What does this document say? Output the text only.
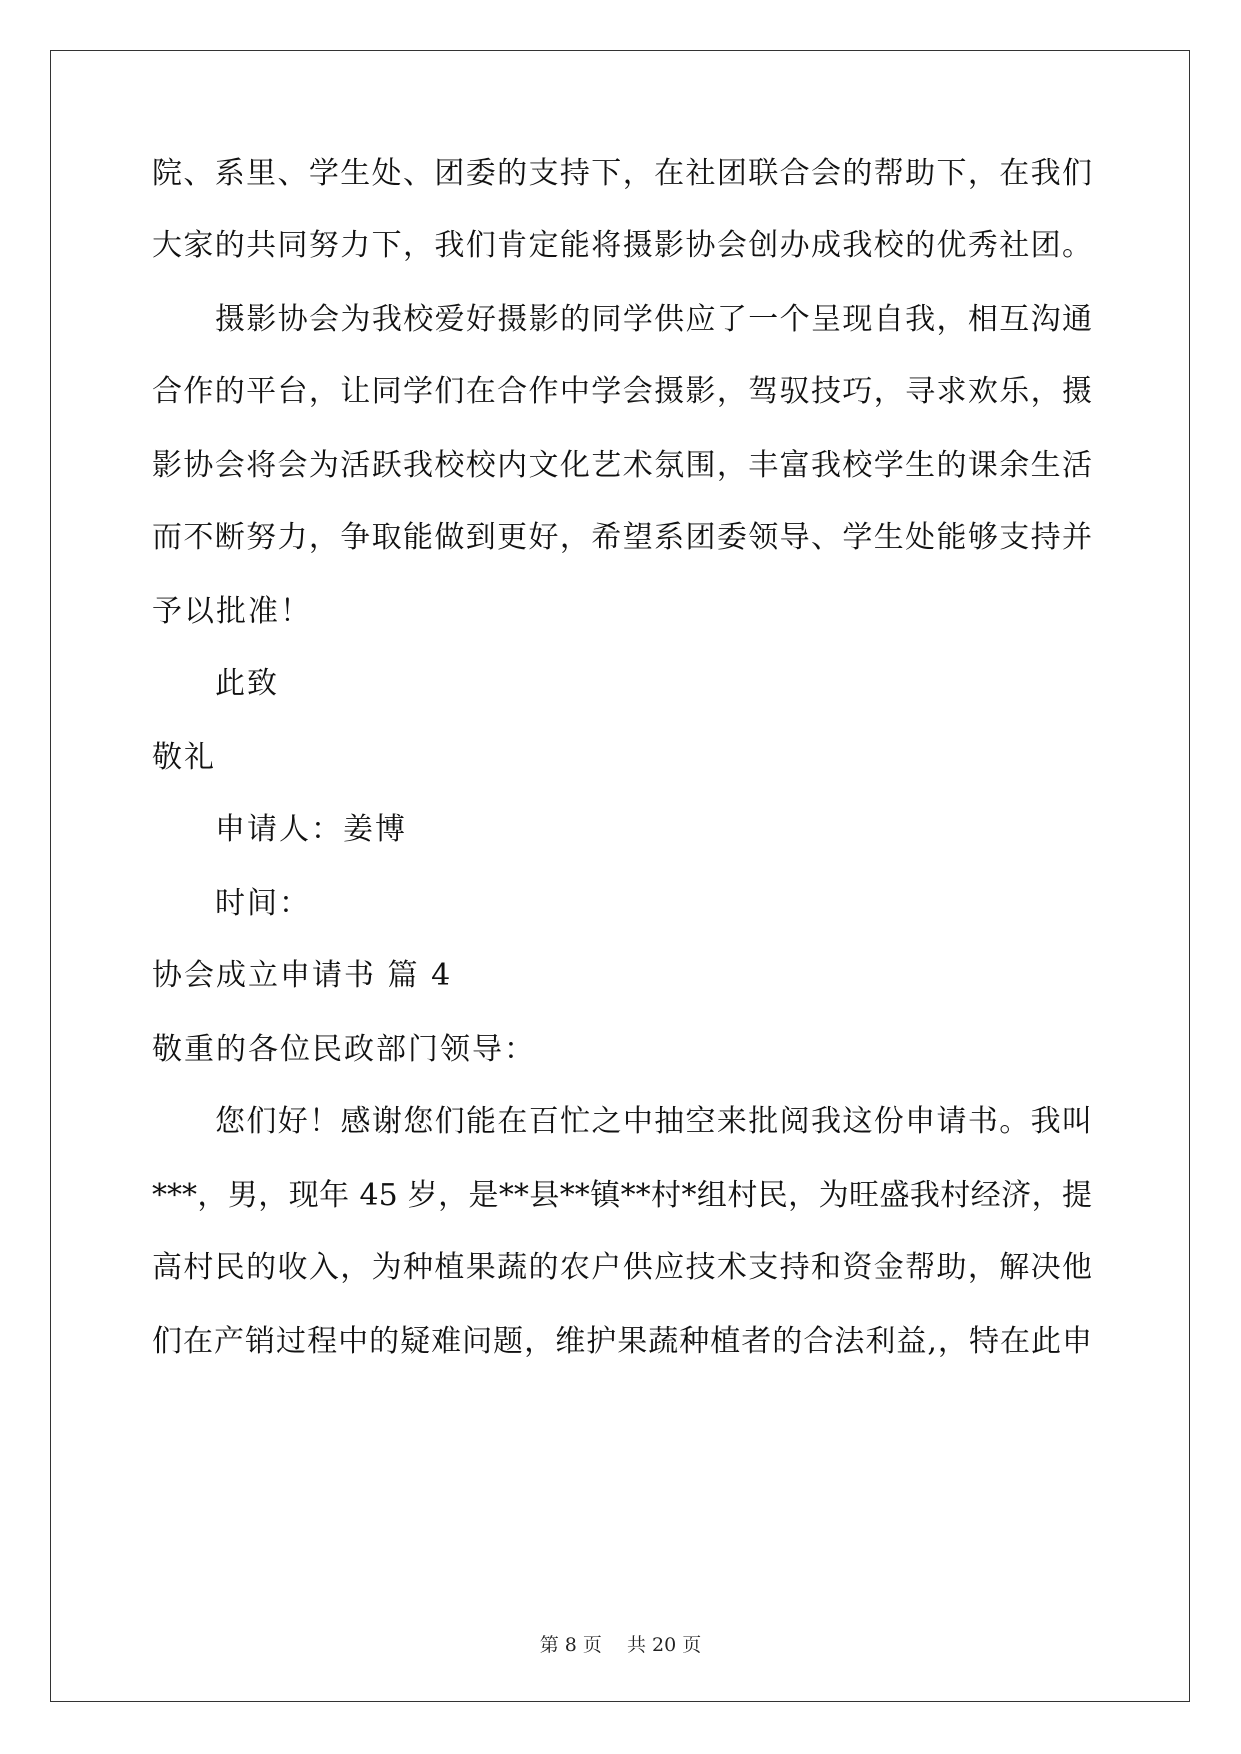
院、系里、学生处、团委的支持下，在社团联合会的帮助下，在我们
大家的共同努力下，我们肯定能将摄影协会创办成我校的优秀社团。
摄影协会为我校爱好摄影的同学供应了一个呈现自我，相互沟通
合作的平台，让同学们在合作中学会摄影，驾驭技巧，寻求欢乐，摄
影协会将会为活跃我校校内文化艺术氛围，丰富我校学生的课余生活
而不断努力，争取能做到更好，希望系团委领导、学生处能够支持并
予以批准！
此致
敬礼
申请人：姜博
时间：
协会成立申请书 篇 4
敬重的各位民政部门领导：
您们好！感谢您们能在百忙之中抽空来批阅我这份申请书。我叫
***，男，现年 45 岁，是**县**镇**村*组村民，为旺盛我村经济，提
高村民的收入，为种植果蔬的农户供应技术支持和资金帮助，解决他
们在产销过程中的疑难问题，维护果蔬种植者的合法利益,，特在此申
第 8 页　 共 20 页
